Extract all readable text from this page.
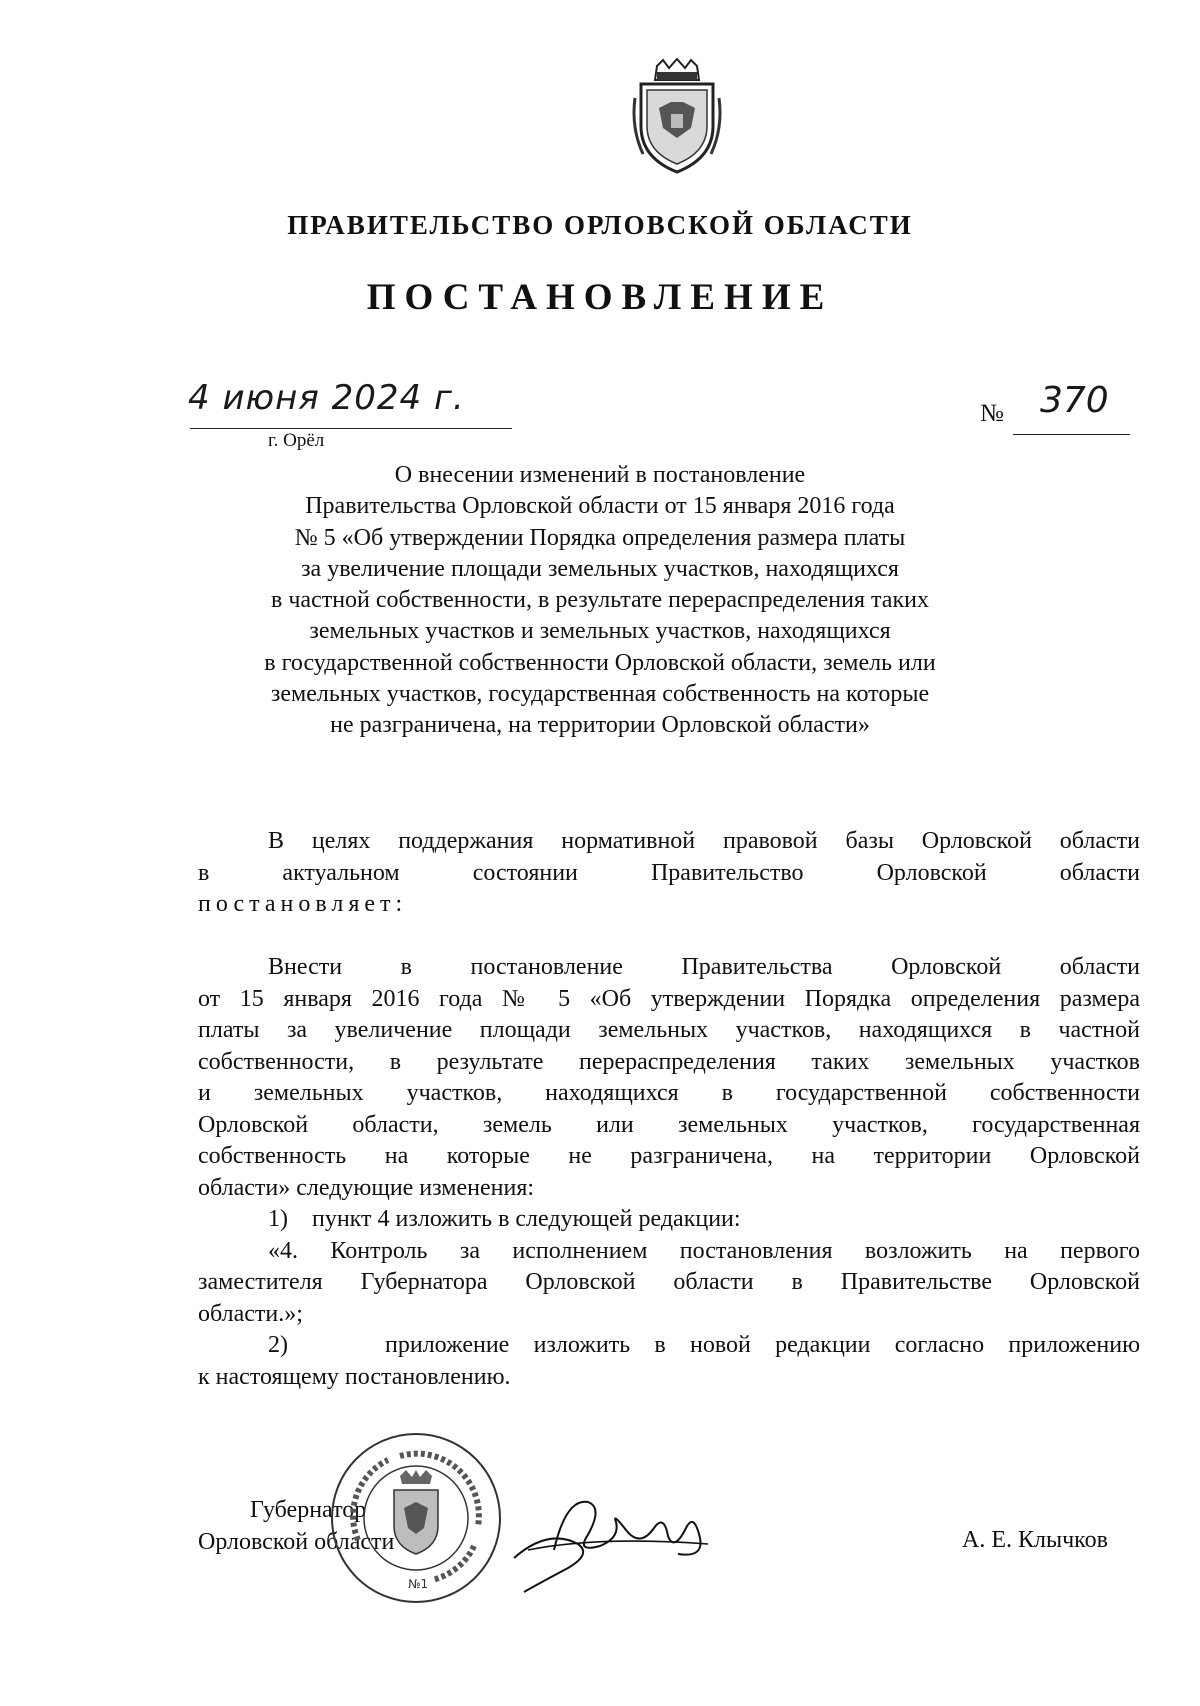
ПРАВИТЕЛЬСТВО ОРЛОВСКОЙ ОБЛАСТИ
ПОСТАНОВЛЕНИЕ
4 июня 2024 г.
г. Орёл
№ 370
О внесении изменений в постановление
Правительства Орловской области от 15 января 2016 года
№ 5 «Об утверждении Порядка определения размера платы
за увеличение площади земельных участков, находящихся
в частной собственности, в результате перераспределения таких
земельных участков и земельных участков, находящихся
в государственной собственности Орловской области, земель или
земельных участков, государственная собственность на которые
не разграничена, на территории Орловской области»
В целях поддержания нормативной правовой базы Орловской области
в актуальном состоянии Правительство Орловской области
постановляет:
Внести в постановление Правительства Орловской области
от 15 января 2016 года № 5 «Об утверждении Порядка определения размера
платы за увеличение площади земельных участков, находящихся в частной
собственности, в результате перераспределения таких земельных участков
и земельных участков, находящихся в государственной собственности
Орловской области, земель или земельных участков, государственная
собственность на которые не разграничена, на территории Орловской
области» следующие изменения:
1)    пункт 4 изложить в следующей редакции:
«4. Контроль за исполнением постановления возложить на первого
заместителя Губернатора Орловской области в Правительстве Орловской
области.»;
2)    приложение изложить в новой редакции согласно приложению
к настоящему постановлению.
Губернатор
Орловской области
№1
А. Е. Клычков
